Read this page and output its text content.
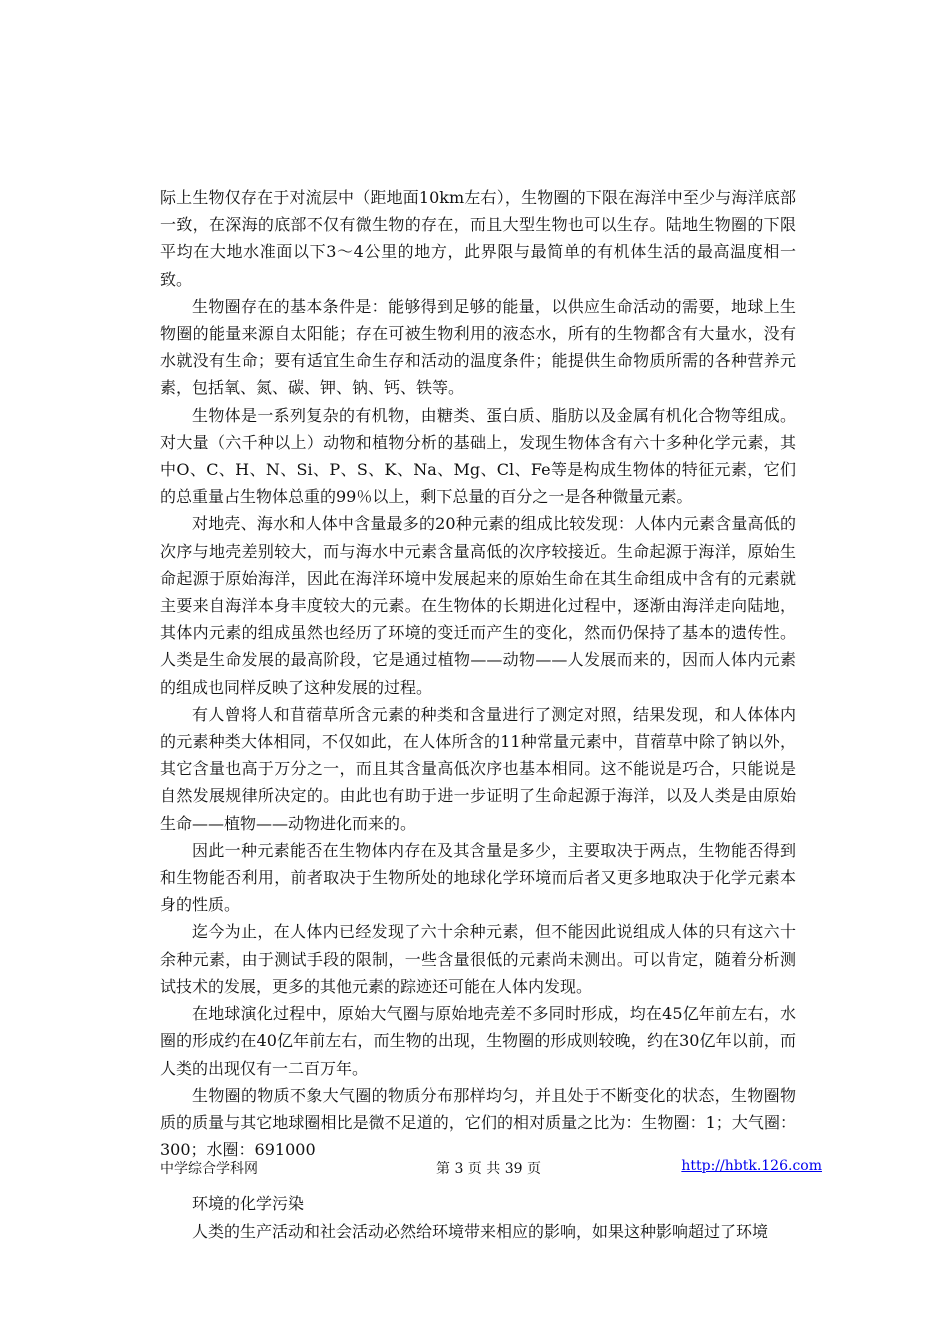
际上生物仅存在于对流层中（距地面10km左右），生物圈的下限在海洋中至少与海洋底部一致，在深海的底部不仅有微生物的存在，而且大型生物也可以生存。陆地生物圈的下限平均在大地水准面以下3～4公里的地方，此界限与最简单的有机体生活的最高温度相一致。

生物圈存在的基本条件是：能够得到足够的能量，以供应生命活动的需要，地球上生物圈的能量来源自太阳能；存在可被生物利用的液态水，所有的生物都含有大量水，没有水就没有生命；要有适宜生命生存和活动的温度条件；能提供生命物质所需的各种营养元素，包括氧、氮、碳、钾、钠、钙、铁等。

生物体是一系列复杂的有机物，由糖类、蛋白质、脂肪以及金属有机化合物等组成。对大量（六千种以上）动物和植物分析的基础上，发现生物体含有六十多种化学元素，其中O、C、H、N、Si、P、S、K、Na、Mg、Cl、Fe等是构成生物体的特征元素，它们的总重量占生物体总重的99％以上，剩下总量的百分之一是各种微量元素。

对地壳、海水和人体中含量最多的20种元素的组成比较发现：人体内元素含量高低的次序与地壳差别较大，而与海水中元素含量高低的次序较接近。生命起源于海洋，原始生命起源于原始海洋，因此在海洋环境中发展起来的原始生命在其生命组成中含有的元素就主要来自海洋本身丰度较大的元素。在生物体的长期进化过程中，逐渐由海洋走向陆地，其体内元素的组成虽然也经历了环境的变迁而产生的变化，然而仍保持了基本的遗传性。人类是生命发展的最高阶段，它是通过植物——动物——人发展而来的，因而人体内元素的组成也同样反映了这种发展的过程。

有人曾将人和苜蓿草所含元素的种类和含量进行了测定对照，结果发现，和人体体内的元素种类大体相同，不仅如此，在人体所含的11种常量元素中，苜蓿草中除了钠以外，其它含量也高于万分之一，而且其含量高低次序也基本相同。这不能说是巧合，只能说是自然发展规律所决定的。由此也有助于进一步证明了生命起源于海洋，以及人类是由原始生命——植物——动物进化而来的。

因此一种元素能否在生物体内存在及其含量是多少，主要取决于两点，生物能否得到和生物能否利用，前者取决于生物所处的地球化学环境而后者又更多地取决于化学元素本身的性质。

迄今为止，在人体内已经发现了六十余种元素，但不能因此说组成人体的只有这六十余种元素，由于测试手段的限制，一些含量很低的元素尚未测出。可以肯定，随着分析测试技术的发展，更多的其他元素的踪迹还可能在人体内发现。

在地球演化过程中，原始大气圈与原始地壳差不多同时形成，均在45亿年前左右，水圈的形成约在40亿年前左右，而生物的出现，生物圈的形成则较晚，约在30亿年以前，而人类的出现仅有一二百万年。

生物圈的物质不象大气圈的物质分布那样均匀，并且处于不断变化的状态，生物圈物质的质量与其它地球圈相比是微不足道的，它们的相对质量之比为：生物圈：1；大气圈：300；水圈：691000

环境的化学污染

人类的生产活动和社会活动必然给环境带来相应的影响，如果这种影响超过了环境

中学综合学科网	第 3 页 共 39 页	http://hbtk.126.com
